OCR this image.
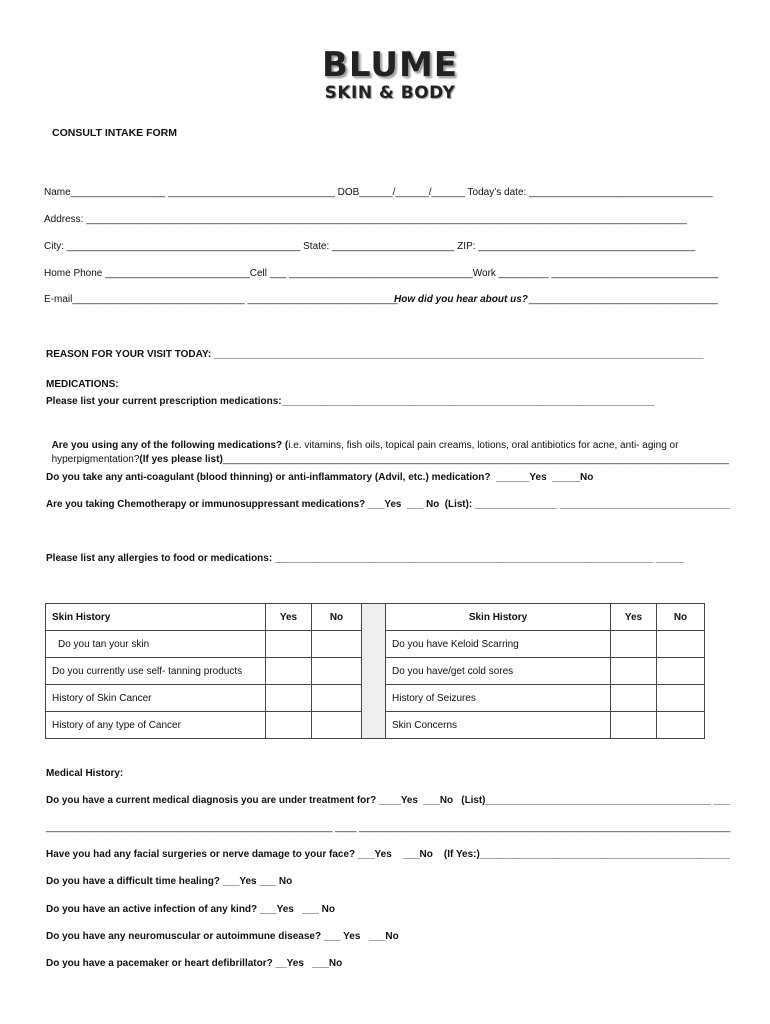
BLUME
SKIN & BODY
CONSULT INTAKE FORM
Name_________________ ______________________________ DOB______/______/______ Today’s date: _________________________________
Address: ____________________________________________________________________________________________________________
City: __________________________________________ State: ______________________ ZIP: _______________________________________
Home Phone __________________________Cell ___ _________________________________Work _________ ______________________________
E-mail_______________________________ ___________________________
How did you hear about us?
__________________________________
REASON FOR YOUR VISIT TODAY: ________________________________________________________________________________________
MEDICATIONS:
Please list your current prescription medications:___________________________________________________________________

Are you using any of the following medications? (i.e. vitamins, fish oils, topical pain creams, lotions, oral antibiotics for acne, anti- aging or

hyperpigmentation?(If yes please list)___________________________________________________________________________________________

Do you take any anti-coagulant (blood thinning) or anti-inflammatory (Advil, etc.) medication?  ______Yes  _____No
Are you taking Chemotherapy or immunosuppressant medications? ___Yes  ___ No  (List): _______________ _______________________________
Please list any allergies to food or medications: ____________________________________________________________________ _____
Skin History	Yes	No		Skin History	Yes	No
Do you tan your skin				Do you have Keloid Scarring		
Do you currently use self- tanning products				Do you have/get cold sores		
History of Skin Cancer				History of Seizures		
History of any type of Cancer				Skin Concerns		
Medical History:
Do you have a current medical diagnosis you are under treatment for? ____Yes  ___No   (List)_________________________________________ ___
______________________________________________________ ____ ______________________________________________________________________
Have you had any facial surgeries or nerve damage to your face? ___Yes    ___No    (If Yes:)_____________________________________________
Do you have a difficult time healing? ___Yes ___ No
Do you have an active infection of any kind? ___Yes   ___ No
Do you have any neuromuscular or autoimmune disease? ___ Yes   ___No
Do you have a pacemaker or heart defibrillator? __Yes   ___No
